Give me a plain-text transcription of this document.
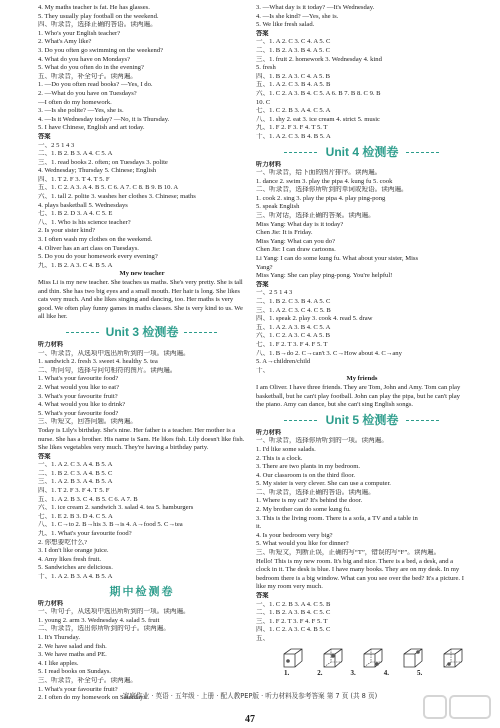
4. My maths teacher is fat. He has glasses.
5. They usually play football on the weekend.
四、听录音，选择正确的答语。读两遍。
1. Who's your English teacher?
2. What's Amy like?
3. Do you often go swimming on the weekend?
4. What do you have on Mondays?
5. What do you often do in the evening?
五、听录音，补全句子。读两遍。
1. —Do you often read books? —Yes, I do.
2. —What do you have on Tuesdays?
—I often do my homework.
3. —Is she polite? —Yes, she is.
4. —Is it Wednesday today? —No, it is Thursday.
5. I have Chinese, English and art today.
答案
一、2 5 1 4 3
二、1. B 2. B 3. A 4. C 5. A
三、1. read books 2. often; on Tuesdays 3. polite
4. Wednesday; Thursday 5. Chinese; English
四、1. T 2. F 3. T 4. T 5. F
五、1. C 2. A 3. A 4. B 5. C 6. A 7. C 8. B 9. B 10. A
六、1. tall 2. polite 3. washes her clothes 3. Chinese; maths
4. plays basketball 5. Wednesdays
七、1. B 2. D 3. A 4. C 5. E
八、1. Who is his science teacher?
2. Is your sister kind?
3. I often wash my clothes on the weekend.
4. Oliver has an art class on Tuesdays.
5. Do you do your homework every evening?
九、1. B 2. A 3. C 4. B 5. A
My new teacher
Miss Li is my new teacher. She teaches us maths. She's very pretty. She is tall and thin. She has two big eyes and a small mouth. Her hair is long. She likes cats very much. And she likes singing and dancing, too. Her maths is very good. We often play funny games in maths classes. She is very kind to us. We all like her.
Unit 3 检测卷
听力材料
一、听录音，从选项中选出所听到的一项。读两遍。
1. sandwich 2. fresh 3. sweet 4. healthy 5. tea
二、听问句，选择与问句相符的图片。读两遍。
1. What's your favourite food?
2. What would you like to eat?
3. What's your favourite fruit?
4. What would you like to drink?
5. What's your favourite food?
三、听短文，回答问题。读两遍。
Today is Lily's birthday. She's nine. Her father is a teacher. Her mother is a nurse. She has a brother. His name is Sam. He likes fish. Lily doesn't like fish. She likes vegetables very much. They're having a birthday party.
答案
一、1. A 2. C 3. A 4. B 5. A
二、1. B 2. C 3. A 4. B 5. C
三、1. A 2. B 3. A 4. B 5. A
四、1. T 2. F 3. F 4. T 5. F
五、1. A 2. B 3. C 4. B 5. C 6. A 7. B
六、1. ice cream 2. sandwich 3. salad 4. tea 5. hamburgers
七、1. E 2. B 3. D 4. C 5. A
八、1. C→to 2. B→his 3. B→is 4. A→food 5. C→tea
九、1. What's your favourite food?
2. 你想要吃什么?
3. I don't like orange juice.
4. Amy likes fresh fruit.
5. Sandwiches are delicious.
十、1. A 2. B 3. A 4. B 5. A
期中检测卷
听力材料
一、听句子，从选项中选出所听到的一项。读两遍。
1. young 2. arm 3. Wednesday 4. salad 5. fruit
二、听录音，选出你所听到的句子。读两遍。
1. It's Thursday.
2. We have salad and fish.
3. We have maths and PE.
4. I like apples.
5. I read books on Sundays.
三、听录音，补全句子。读两遍。
1. What's your favourite fruit?
2. I often do my homework on Saturdays.
3. —What day is it today? —It's Wednesday.
4. —Is she kind? —Yes, she is.
5. We like fresh salad.
答案
一、1. A 2. C 3. C 4. A 5. C
二、1. B 2. A 3. B 4. A 5. C
三、1. fruit 2. homework 3. Wednesday 4. kind
5. fresh
四、1. B 2. A 3. C 4. A 5. B
五、1. A 2. C 3. B 4. A 5. B
六、1. C 2. A 3. B 4. C 5. A 6. B 7. B 8. C 9. B
10. C
七、1. C 2. B 3. A 4. C 5. A
八、1. shy 2. eat 3. ice cream 4. strict 5. music
九、1. F 2. F 3. F 4. T 5. T
十、1. A 2. C 3. B 4. B 5. A
Unit 4 检测卷
听力材料
一、听录音，给下面的图片排序。读两遍。
1. dance 2. swim 3. play the pipa 4. kung fu 5. cook
二、听录音，选择你所听到的单词或短语。读两遍。
1. cook 2. sing 3. play the pipa 4. play ping-pong
5. speak English
三、听对话，选择正确的答案。读两遍。
Miss Yang: What day is it today?
Chen Jie: It is Friday.
Miss Yang: What can you do?
Chen Jie: I can draw cartoons.
Li Yang: I can do some kung fu. What about your sister, Miss
Yang?
Miss Yang: She can play ping-pong. You're helpful!
答案
一、2 5 1 4 3
二、1. B 2. C 3. B 4. A 5. C
三、1. A 2. C 3. C 4. C 5. B
四、1. speak 2. play 3. cook 4. read 5. draw
五、1. A 2. A 3. B 4. C 5. A
六、1. C 2. A 3. C 4. A 5. B
七、1. F 2. T 3. F 4. F 5. T
八、1. B→do 2. C→can't 3. C→How about 4. C→any
5. A→children/child
十、
My friends
I am Oliver. I have three friends. They are Tom, John and Amy. Tom can play basketball, but he can't play football. John can play the pipa, but he can't play the piano. Amy can dance, but she can't sing English songs.
Unit 5 检测卷
听力材料
一、听录音，选择你所听到的一项。读两遍。
1. I'd like some salads.
2. This is a clock.
3. There are two plants in my bedroom.
4. Our classroom is on the third floor.
5. My sister is very clever. She can use a computer.
二、听录音，选择正确的答语。读两遍。
1. Where is my cat? It's behind the door.
2. My brother can do some kung fu.
3. This is the living room. There is a sofa, a TV and a table in
it.
4. Is your bedroom very big?
5. What would you like for dinner?
三、听短文，判断正误，正确的写“T”，错误的写“F”。读两遍。
Hello! This is my new room. It's big and nice. There is a bed, a desk, and a clock in it. The desk is blue. I have many books. They are on my desk. In my bedroom there is a big window. What can you see over the bed? It's a picture. I like my room very much.
答案
一、1. C 2. B 3. A 4. C 5. B
二、1. B 2. A 3. B 4. C 5. C
三、1. F 2. T 3. F 4. F 5. T
四、1. C 2. A 3. C 4. B 5. C
五、
1.	2.	3.	4.	5.
家庭作业 · 英语 · 五年级 · 上册 · 配人教PEP版 · 听力材料及参考答案 第 7 页 (共 8 页)
47
